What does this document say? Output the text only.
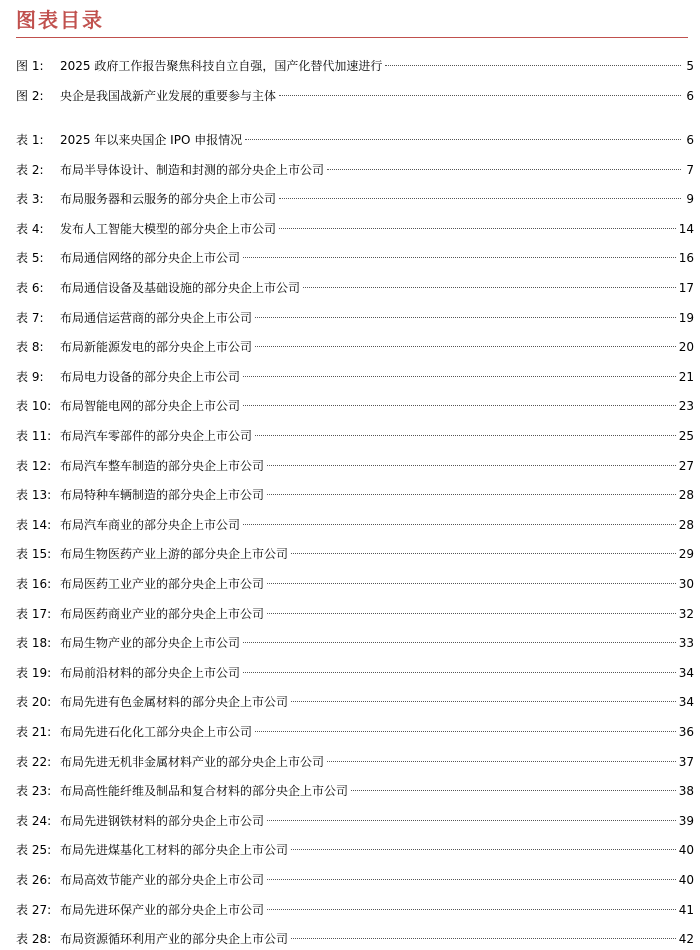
图表目录
图 1:	2025 政府工作报告聚焦科技自立自强，国产化替代加速进行	5
图 2:	央企是我国战新产业发展的重要参与主体	6
表 1:	2025 年以来央国企 IPO 申报情况	6
表 2:	布局半导体设计、制造和封测的部分央企上市公司	7
表 3:	布局服务器和云服务的部分央企上市公司	9
表 4:	发布人工智能大模型的部分央企上市公司	14
表 5:	布局通信网络的部分央企上市公司	16
表 6:	布局通信设备及基础设施的部分央企上市公司	17
表 7:	布局通信运营商的部分央企上市公司	19
表 8:	布局新能源发电的部分央企上市公司	20
表 9:	布局电力设备的部分央企上市公司	21
表 10: 布局智能电网的部分央企上市公司	23
表 11: 布局汽车零部件的部分央企上市公司	25
表 12: 布局汽车整车制造的部分央企上市公司	27
表 13: 布局特种车辆制造的部分央企上市公司	28
表 14: 布局汽车商业的部分央企上市公司	28
表 15: 布局生物医药产业上游的部分央企上市公司	29
表 16: 布局医药工业产业的部分央企上市公司	30
表 17: 布局医药商业产业的部分央企上市公司	32
表 18: 布局生物产业的部分央企上市公司	33
表 19: 布局前沿材料的部分央企上市公司	34
表 20: 布局先进有色金属材料的部分央企上市公司	34
表 21: 布局先进石化化工部分央企上市公司	36
表 22: 布局先进无机非金属材料产业的部分央企上市公司	37
表 23: 布局高性能纤维及制品和复合材料的部分央企上市公司	38
表 24: 布局先进钢铁材料的部分央企上市公司	39
表 25: 布局先进煤基化工材料的部分央企上市公司	40
表 26: 布局高效节能产业的部分央企上市公司	40
表 27: 布局先进环保产业的部分央企上市公司	41
表 28: 布局资源循环利用产业的部分央企上市公司	42
